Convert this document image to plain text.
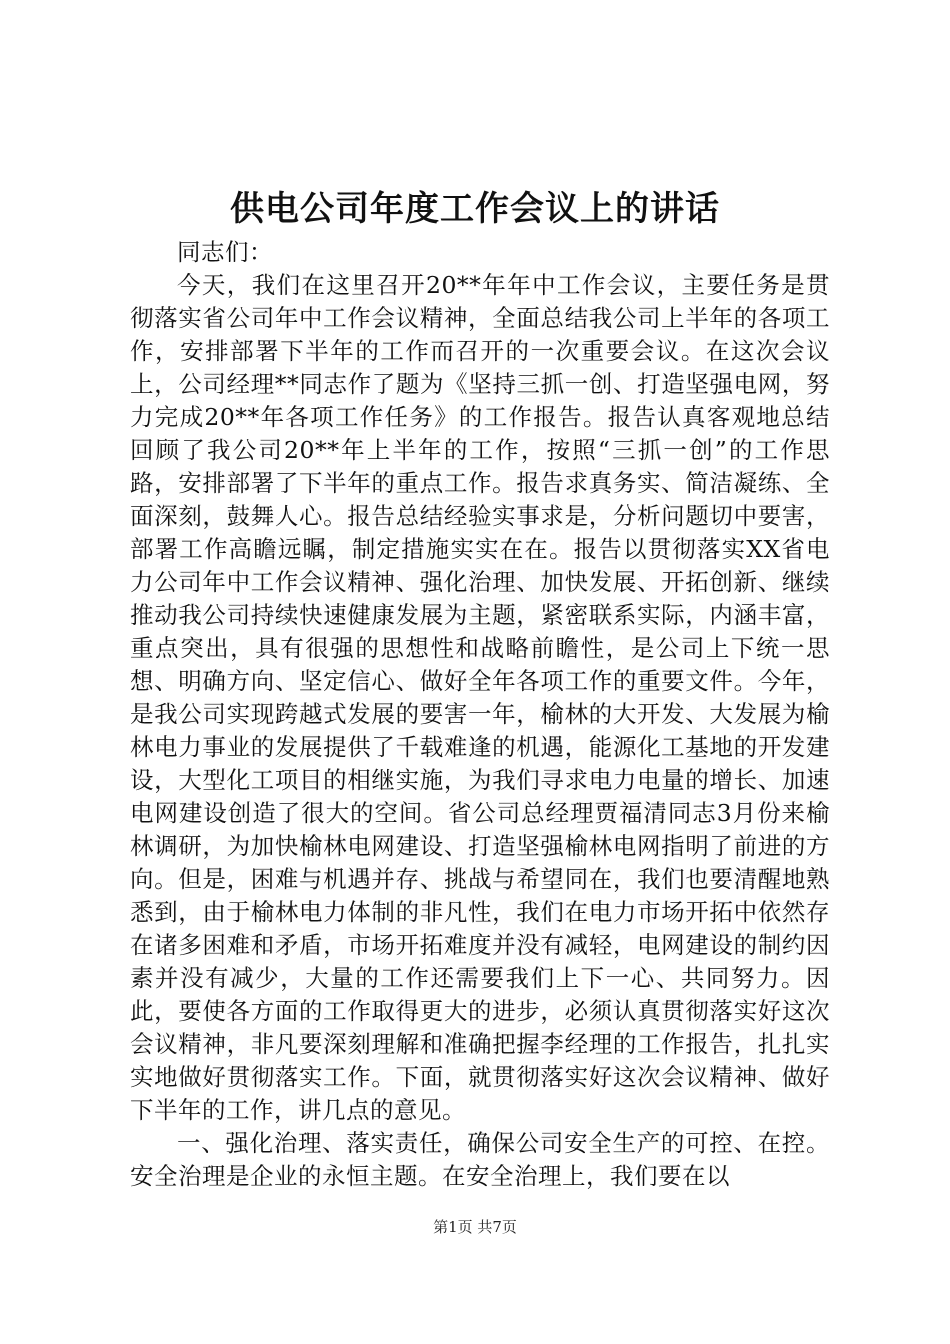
供电公司年度工作会议上的讲话

同志们：

今天，我们在这里召开20**年年中工作会议，主要任务是贯彻落实省公司年中工作会议精神，全面总结我公司上半年的各项工作，安排部署下半年的工作而召开的一次重要会议。在这次会议上，公司经理**同志作了题为《坚持三抓一创、打造坚强电网，努力完成20**年各项工作任务》的工作报告。报告认真客观地总结回顾了我公司20**年上半年的工作，按照“三抓一创”的工作思路，安排部署了下半年的重点工作。报告求真务实、简洁凝练、全面深刻，鼓舞人心。报告总结经验实事求是，分析问题切中要害，部署工作高瞻远瞩，制定措施实实在在。报告以贯彻落实XX省电力公司年中工作会议精神、强化治理、加快发展、开拓创新、继续推动我公司持续快速健康发展为主题，紧密联系实际，内涵丰富，重点突出，具有很强的思想性和战略前瞻性，是公司上下统一思想、明确方向、坚定信心、做好全年各项工作的重要文件。今年，是我公司实现跨越式发展的要害一年，榆林的大开发、大发展为榆林电力事业的发展提供了千载难逢的机遇，能源化工基地的开发建设，大型化工项目的相继实施，为我们寻求电力电量的增长、加速电网建设创造了很大的空间。省公司总经理贾福清同志3月份来榆林调研，为加快榆林电网建设、打造坚强榆林电网指明了前进的方向。但是，困难与机遇并存、挑战与希望同在，我们也要清醒地熟悉到，由于榆林电力体制的非凡性，我们在电力市场开拓中依然存在诸多困难和矛盾，市场开拓难度并没有减轻，电网建设的制约因素并没有减少，大量的工作还需要我们上下一心、共同努力。因此，要使各方面的工作取得更大的进步，必须认真贯彻落实好这次会议精神，非凡要深刻理解和准确把握李经理的工作报告，扎扎实实地做好贯彻落实工作。下面，就贯彻落实好这次会议精神、做好下半年的工作，讲几点的意见。

一、强化治理、落实责任，确保公司安全生产的可控、在控。安全治理是企业的永恒主题。在安全治理上，我们要在以

第1页 共7页
